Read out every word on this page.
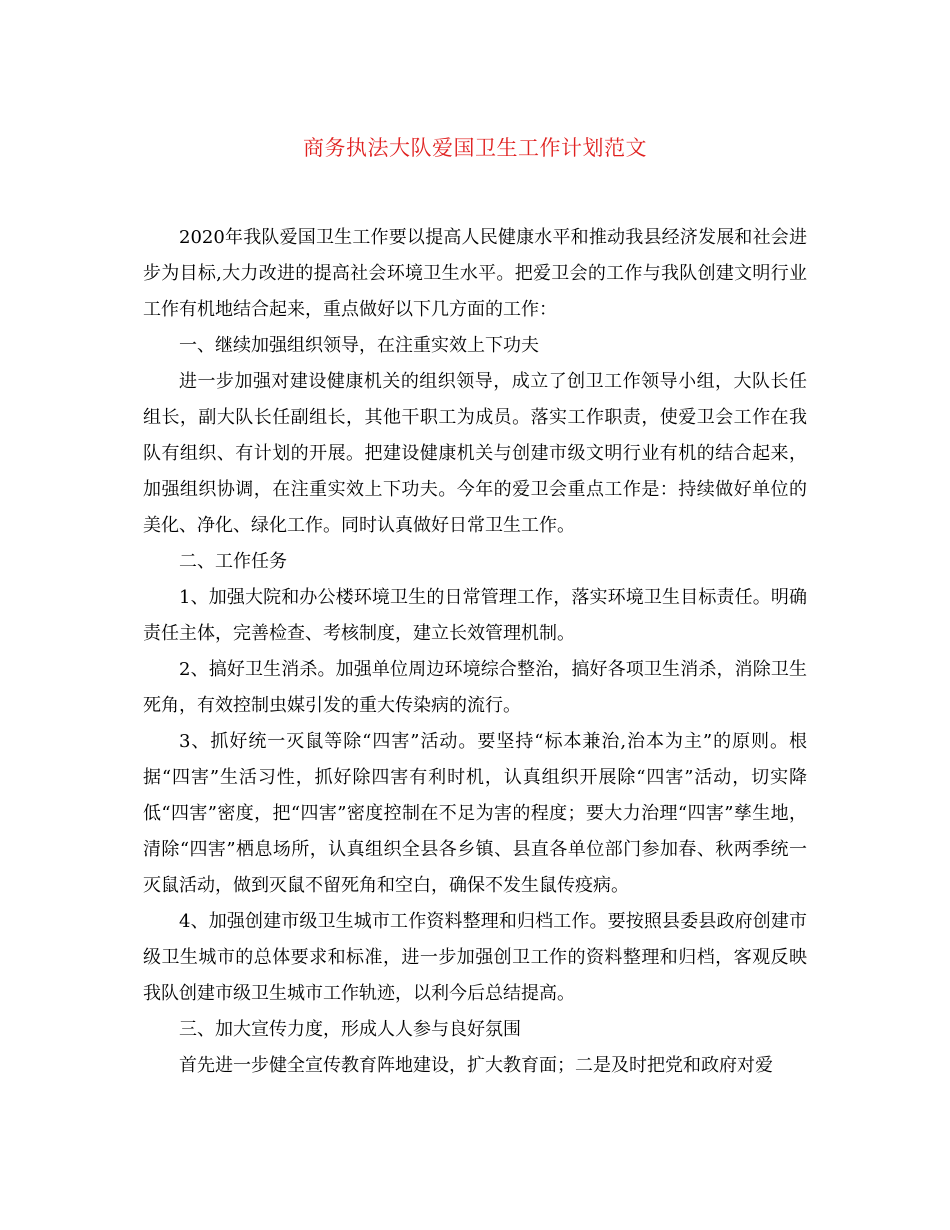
商务执法大队爱国卫生工作计划范文

2020年我队爱国卫生工作要以提高人民健康水平和推动我县经济发展和社会进步为目标,大力改进的提高社会环境卫生水平。把爱卫会的工作与我队创建文明行业工作有机地结合起来，重点做好以下几方面的工作：

一、继续加强组织领导，在注重实效上下功夫

进一步加强对建设健康机关的组织领导，成立了创卫工作领导小组，大队长任组长，副大队长任副组长，其他干职工为成员。落实工作职责，使爱卫会工作在我队有组织、有计划的开展。把建设健康机关与创建市级文明行业有机的结合起来，加强组织协调，在注重实效上下功夫。今年的爱卫会重点工作是：持续做好单位的美化、净化、绿化工作。同时认真做好日常卫生工作。

二、工作任务

1、加强大院和办公楼环境卫生的日常管理工作，落实环境卫生目标责任。明确责任主体，完善检查、考核制度，建立长效管理机制。

2、搞好卫生消杀。加强单位周边环境综合整治，搞好各项卫生消杀，消除卫生死角，有效控制虫媒引发的重大传染病的流行。

3、抓好统一灭鼠等除“四害”活动。要坚持“标本兼治,治本为主”的原则。根据“四害”生活习性，抓好除四害有利时机，认真组织开展除“四害”活动，切实降低“四害”密度，把“四害”密度控制在不足为害的程度；要大力治理“四害”孳生地，清除“四害”栖息场所，认真组织全县各乡镇、县直各单位部门参加春、秋两季统一灭鼠活动，做到灭鼠不留死角和空白，确保不发生鼠传疫病。

4、加强创建市级卫生城市工作资料整理和归档工作。要按照县委县政府创建市级卫生城市的总体要求和标准，进一步加强创卫工作的资料整理和归档，客观反映我队创建市级卫生城市工作轨迹，以利今后总结提高。

三、加大宣传力度，形成人人参与良好氛围

首先进一步健全宣传教育阵地建设，扩大教育面；二是及时把党和政府对爱
